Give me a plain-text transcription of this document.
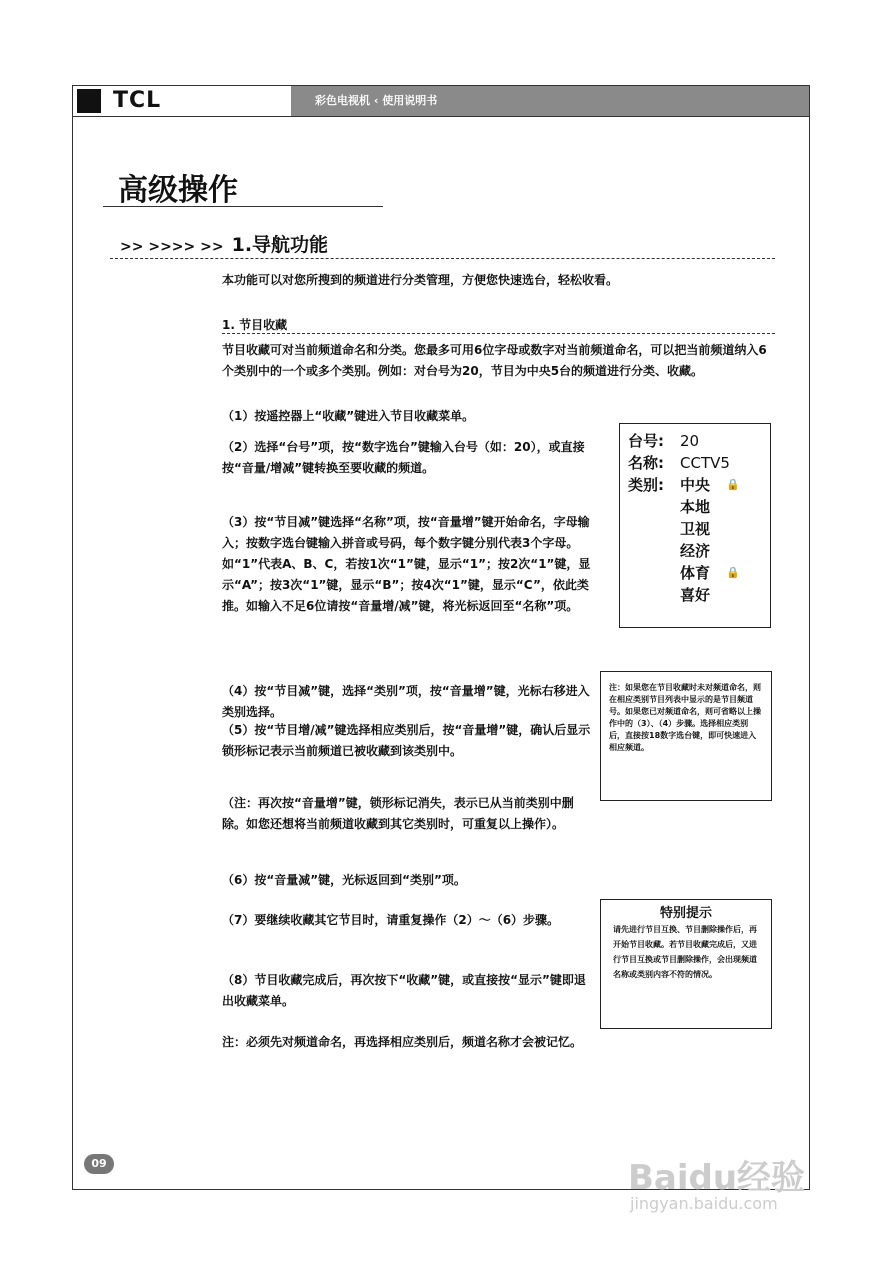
TCL	彩色电视机 ‹ 使用说明书
高级操作
>> >>>> >> 1.导航功能
本功能可以对您所搜到的频道进行分类管理，方便您快速选台，轻松收看。
1. 节目收藏
节目收藏可对当前频道命名和分类。您最多可用6位字母或数字对当前频道命名，可以把当前频道纳入6个类别中的一个或多个类别。例如：对台号为20，节目为中央5台的频道进行分类、收藏。
（1）按遥控器上“收藏”键进入节目收藏菜单。
（2）选择“台号”项，按“数字选台”键输入台号（如：20），或直接按“音量/增减”键转换至要收藏的频道。
（3）按“节目减”键选择“名称”项，按“音量增”键开始命名，字母输入；按数字选台键输入拼音或号码，每个数字键分别代表3个字母。如“1”代表A、B、C，若按1次“1”键，显示“1”；按2次“1”键，显示“A”；按3次“1”键，显示“B”；按4次“1”键，显示“C”，依此类推。如输入不足6位请按“音量增/减”键，将光标返回至“名称”项。
（4）按“节目减”键，选择“类别”项，按“音量增”键，光标右移进入类别选择。
（5）按“节目增/减”键选择相应类别后，按“音量增”键，确认后显示锁形标记表示当前频道已被收藏到该类别中。
（注：再次按“音量增”键，锁形标记消失，表示已从当前类别中删除。如您还想将当前频道收藏到其它类别时，可重复以上操作）。
（6）按“音量减”键，光标返回到“类别”项。
（7）要继续收藏其它节目时，请重复操作（2）～（6）步骤。
（8）节目收藏完成后，再次按下“收藏”键，或直接按“显示”键即退出收藏菜单。
注：必须先对频道命名，再选择相应类别后，频道名称才会被记忆。
台号:	20
名称:	CCTV5
类别:	中央 🔒
本地
卫视
经济
体育 🔒
喜好
注：如果您在节目收藏时未对频道命名，则在相应类别节目列表中显示的是节目频道号。如果您已对频道命名，则可省略以上操作中的（3）、（4）步骤。选择相应类别后，直接按18数字选台键，即可快速进入相应频道。
特别提示
请先进行节目互换、节目删除操作后，再开始节目收藏。若节目收藏完成后，又进行节目互换或节目删除操作，会出现频道名称或类别内容不符的情况。
09	Baidu经验
jingyan.baidu.com
